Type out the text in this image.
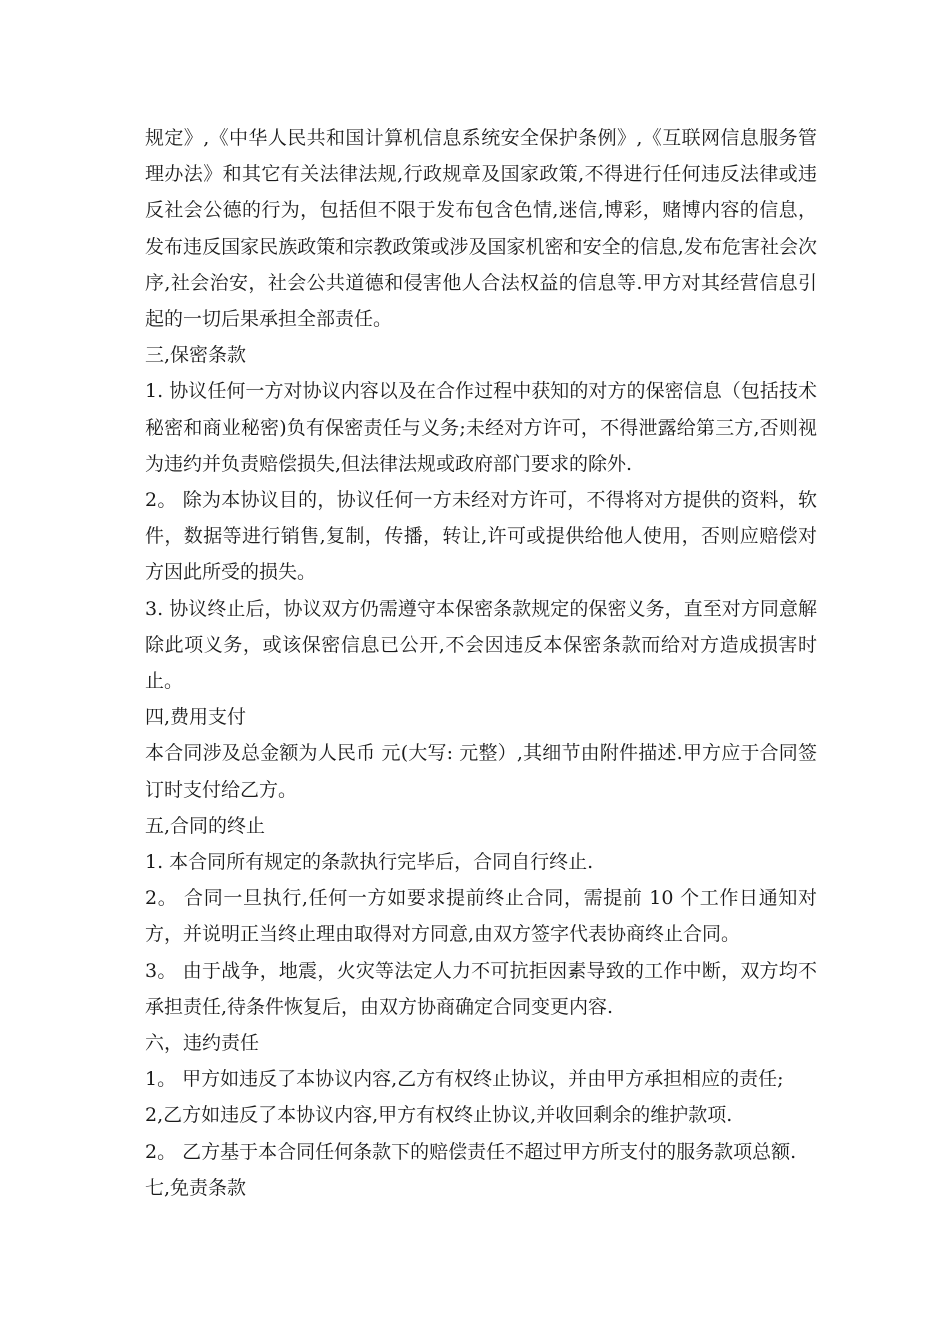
规定》,《中华人民共和国计算机信息系统安全保护条例》,《互联网信息服务管理办法》和其它有关法律法规,行政规章及国家政策,不得进行任何违反法律或违反社会公德的行为，包括但不限于发布包含色情,迷信,博彩，赌博内容的信息，发布违反国家民族政策和宗教政策或涉及国家机密和安全的信息,发布危害社会次序,社会治安，社会公共道德和侵害他人合法权益的信息等.甲方对其经营信息引起的一切后果承担全部责任。

三,保密条款

1. 协议任何一方对协议内容以及在合作过程中获知的对方的保密信息（包括技术秘密和商业秘密)负有保密责任与义务;未经对方许可，不得泄露给第三方,否则视为违约并负责赔偿损失,但法律法规或政府部门要求的除外.

2。 除为本协议目的，协议任何一方未经对方许可，不得将对方提供的资料，软件，数据等进行销售,复制，传播，转让,许可或提供给他人使用，否则应赔偿对方因此所受的损失。

3. 协议终止后，协议双方仍需遵守本保密条款规定的保密义务，直至对方同意解除此项义务，或该保密信息已公开,不会因违反本保密条款而给对方造成损害时止。

四,费用支付

本合同涉及总金额为人民币 元(大写: 元整）,其细节由附件描述.甲方应于合同签订时支付给乙方。

五,合同的终止

1. 本合同所有规定的条款执行完毕后，合同自行终止.

2。 合同一旦执行,任何一方如要求提前终止合同，需提前 10 个工作日通知对方，并说明正当终止理由取得对方同意,由双方签字代表协商终止合同。

3。 由于战争，地震，火灾等法定人力不可抗拒因素导致的工作中断，双方均不承担责任,待条件恢复后，由双方协商确定合同变更内容.

六，违约责任

1。 甲方如违反了本协议内容,乙方有权终止协议，并由甲方承担相应的责任;

2,乙方如违反了本协议内容,甲方有权终止协议,并收回剩余的维护款项.

2。 乙方基于本合同任何条款下的赔偿责任不超过甲方所支付的服务款项总额.

七,免责条款
